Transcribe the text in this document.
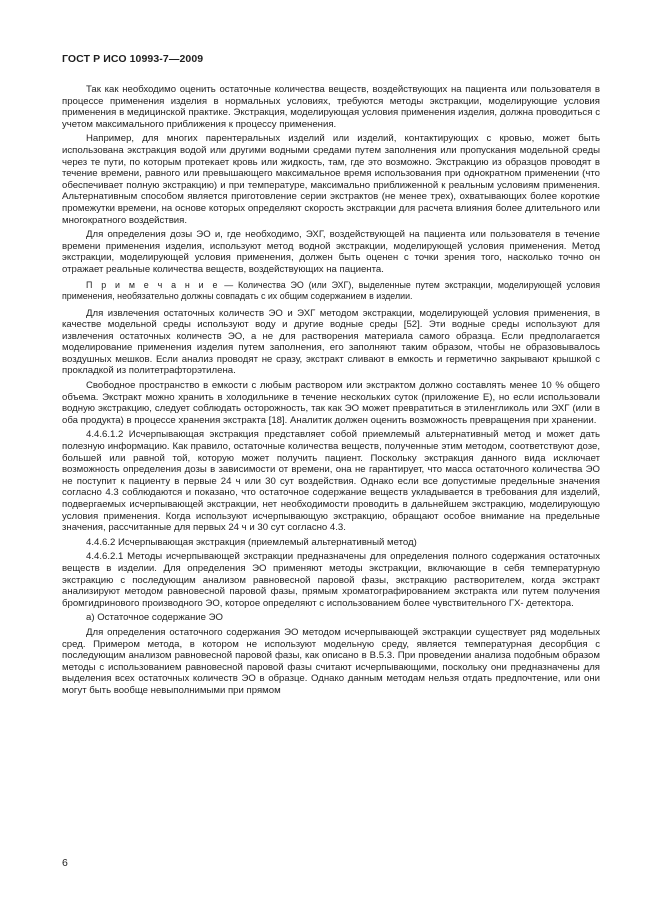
ГОСТ Р ИСО 10993-7—2009

Так как необходимо оценить остаточные количества веществ, воздействующих на пациента или пользователя в процессе применения изделия в нормальных условиях, требуются методы экстракции, моделирующие условия применения в медицинской практике. Экстракция, моделирующая условия применения изделия, должна проводиться с учетом максимального приближения к процессу применения.

Например, для многих парентеральных изделий или изделий, контактирующих с кровью, может быть использована экстракция водой или другими водными средами путем заполнения или пропускания модельной среды через те пути, по которым протекает кровь или жидкость, там, где это возможно. Экстракцию из образцов проводят в течение времени, равного или превышающего максимальное время использования при однократном применении (что обеспечивает полную экстракцию) и при температуре, максимально приближенной к реальным условиям применения. Альтернативным способом является приготовление серии экстрактов (не менее трех), охватывающих более короткие промежутки времени, на основе которых определяют скорость экстракции для расчета влияния более длительного или многократного воздействия.

Для определения дозы ЭО и, где необходимо, ЭХГ, воздействующей на пациента или пользователя в течение времени применения изделия, используют метод водной экстракции, моделирующей условия применения. Метод экстракции, моделирующей условия применения, должен быть оценен с точки зрения того, насколько точно он отражает реальные количества веществ, воздействующих на пациента.

П р и м е ч а н и е — Количества ЭО (или ЭХГ), выделенные путем экстракции, моделирующей условия применения, необязательно должны совпадать с их общим содержанием в изделии.

Для извлечения остаточных количеств ЭО и ЭХГ методом экстракции, моделирующей условия применения, в качестве модельной среды используют воду и другие водные среды [52]. Эти водные среды используют для извлечения остаточных количеств ЭО, а не для растворения материала самого образца. Если предполагается моделирование применения изделия путем заполнения, его заполняют таким образом, чтобы не образовывалось воздушных мешков. Если анализ проводят не сразу, экстракт сливают в емкость и герметично закрывают крышкой с прокладкой из политетрафторэтилена.

Свободное пространство в емкости с любым раствором или экстрактом должно составлять менее 10 % общего объема. Экстракт можно хранить в холодильнике в течение нескольких суток (приложение Е), но если использовали водную экстракцию, следует соблюдать осторожность, так как ЭО может превратиться в этиленгликоль или ЭХГ (или в оба продукта) в процессе хранения экстракта [18]. Аналитик должен оценить возможность превращения при хранении.

4.4.6.1.2 Исчерпывающая экстракция представляет собой приемлемый альтернативный метод и может дать полезную информацию. Как правило, остаточные количества веществ, полученные этим методом, соответствуют дозе, большей или равной той, которую может получить пациент. Поскольку экстракция данного вида исключает возможность определения дозы в зависимости от времени, она не гарантирует, что масса остаточного количества ЭО не поступит к пациенту в первые 24 ч или 30 сут воздействия. Однако если все допустимые предельные значения согласно 4.3 соблюдаются и показано, что остаточное содержание веществ укладывается в требования для изделий, подвергаемых исчерпывающей экстракции, нет необходимости проводить в дальнейшем экстракцию, моделирующую условия применения. Когда используют исчерпывающую экстракцию, обращают особое внимание на предельные значения, рассчитанные для первых 24 ч и 30 сут согласно 4.3.

4.4.6.2 Исчерпывающая экстракция (приемлемый альтернативный метод)

4.4.6.2.1 Методы исчерпывающей экстракции предназначены для определения полного содержания остаточных веществ в изделии. Для определения ЭО применяют методы экстракции, включающие в себя температурную экстракцию с последующим анализом равновесной паровой фазы, экстракцию растворителем, когда экстракт анализируют методом равновесной паровой фазы, прямым хроматографированием экстракта или путем получения бромгидринового производного ЭО, которое определяют с использованием более чувствительного ГХ- детектора.

а) Остаточное содержание ЭО

Для определения остаточного содержания ЭО методом исчерпывающей экстракции существует ряд модельных сред. Примером метода, в котором не используют модельную среду, является температурная десорбция с последующим анализом равновесной паровой фазы, как описано в В.5.3. При проведении анализа подобным образом методы с использованием равновесной паровой фазы считают исчерпывающими, поскольку они предназначены для выделения всех остаточных количеств ЭО в образце. Однако данным методам нельзя отдать предпочтение, или они могут быть вообще невыполнимыми при прямом

6
